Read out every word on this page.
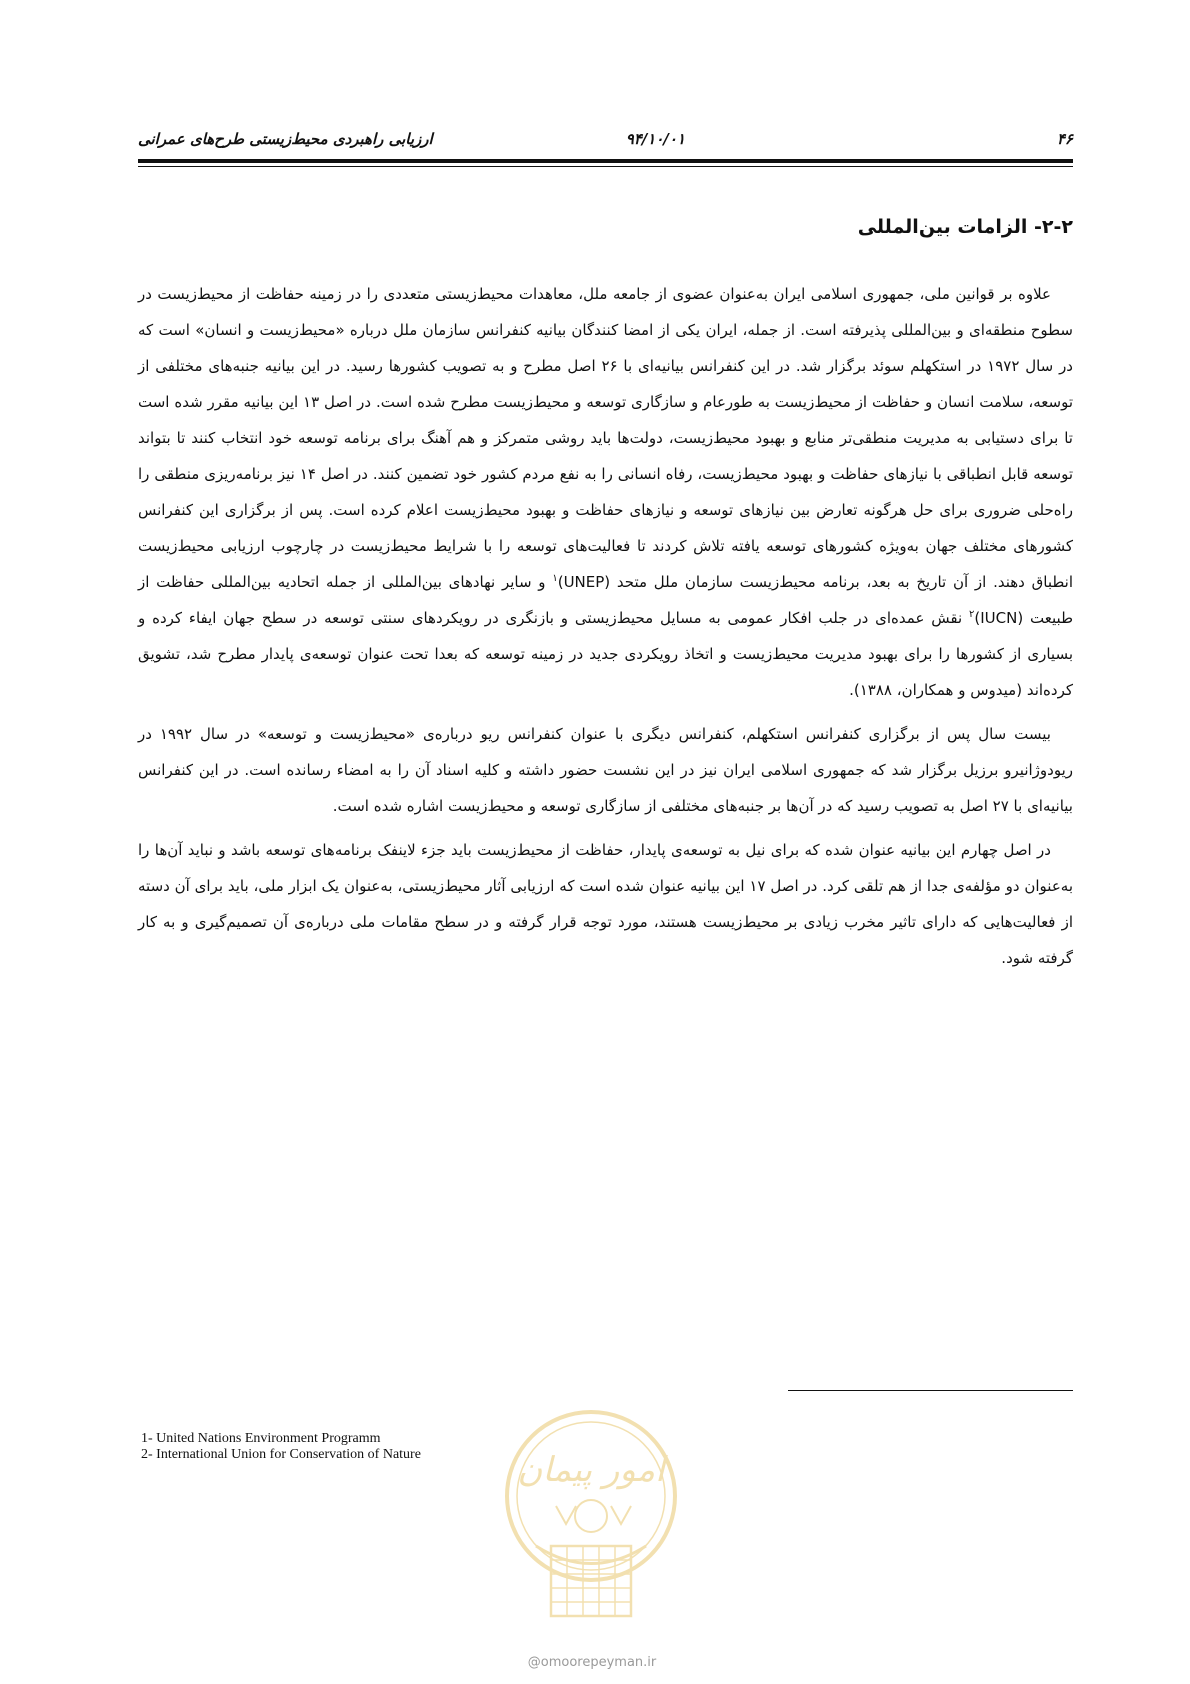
۴۶
۹۴/۱۰/۰۱
ارزیابی راهبردی محیط‌زیستی طرح‌های عمرانی
۲-۲- الزامات بین‌المللی

علاوه بر قوانین ملی، جمهوری اسلامی ایران به‌عنوان عضوی از جامعه ملل، معاهدات محیط‌زیستی متعددی را در زمینه حفاظت از محیط‌زیست در سطوح منطقه‌ای و بین‌المللی پذیرفته است. از جمله، ایران یکی از امضا کنندگان بیانیه کنفرانس سازمان ملل درباره «محیط‌زیست و انسان» است که در سال ۱۹۷۲ در استکهلم سوئد برگزار شد. در این کنفرانس بیانیه‌ای با ۲۶ اصل مطرح و به تصویب کشورها رسید. در این بیانیه جنبه‌های مختلفی از توسعه، سلامت انسان و حفاظت از محیط‌زیست به طورعام و سازگاری توسعه و محیط‌زیست مطرح شده است. در اصل ۱۳ این بیانیه مقرر شده است تا برای دستیابی به مدیریت منطقی‌تر منابع و بهبود محیط‌زیست، دولت‌ها باید روشی متمرکز و هم آهنگ برای برنامه توسعه خود انتخاب کنند تا بتواند توسعه قابل انطباقی با نیازهای حفاظت و بهبود محیط‌زیست، رفاه انسانی را به نفع مردم کشور خود تضمین کنند. در اصل ۱۴ نیز برنامه‌ریزی منطقی را راه‌حلی ضروری برای حل هرگونه تعارض بین نیازهای توسعه و نیازهای حفاظت و بهبود محیط‌زیست اعلام کرده است. پس از برگزاری این کنفرانس کشورهای مختلف جهان به‌ویژه کشورهای توسعه یافته تلاش کردند تا فعالیت‌های توسعه را با شرایط محیط‌زیست در چارچوب ارزیابی محیط‌زیست انطباق دهند. از آن تاریخ به بعد، برنامه محیط‌زیست سازمان ملل متحد (UNEP)$^۱$ و سایر نهادهای بین‌المللی از جمله اتحادیه بین‌المللی حفاظت از طبیعت (IUCN)$^۲$ نقش عمده‌ای در جلب افکار عمومی به مسایل محیط‌زیستی و بازنگری در رویکردهای سنتی توسعه در سطح جهان ایفاء کرده و بسیاری از کشورها را برای بهبود مدیریت محیط‌زیست و اتخاذ رویکردی جدید در زمینه توسعه که بعدا تحت عنوان توسعه‌ی پایدار مطرح شد، تشویق کرده‌اند (میدوس و همکاران، ۱۳۸۸).

بیست سال پس از برگزاری کنفرانس استکهلم، کنفرانس دیگری با عنوان کنفرانس ریو درباره‌ی «محیط‌زیست و توسعه» در سال ۱۹۹۲ در ریودوژانیرو برزیل برگزار شد که جمهوری اسلامی ایران نیز در این نشست حضور داشته و کلیه اسناد آن را به امضاء رسانده است. در این کنفرانس بیانیه‌ای با ۲۷ اصل به تصویب رسید که در آن‌ها بر جنبه‌های مختلفی از سازگاری توسعه و محیط‌زیست اشاره شده است.

در اصل چهارم این بیانیه عنوان شده که برای نیل به توسعه‌ی پایدار، حفاظت از محیط‌زیست باید جزء لاینفک برنامه‌های توسعه باشد و نباید آن‌ها را به‌عنوان دو مؤلفه‌ی جدا از هم تلقی کرد. در اصل ۱۷ این بیانیه عنوان شده است که ارزیابی آثار محیط‌زیستی، به‌عنوان یک ابزار ملی، باید برای آن دسته از فعالیت‌هایی که دارای تاثیر مخرب زیادی بر محیط‌زیست هستند، مورد توجه قرار گرفته و در سطح مقامات ملی درباره‌ی آن تصمیم‌گیری و به کار گرفته شود.

امور پیمان
1- United Nations Environment Programm
2- International Union for Conservation of Nature
@omoorepeyman.ir
